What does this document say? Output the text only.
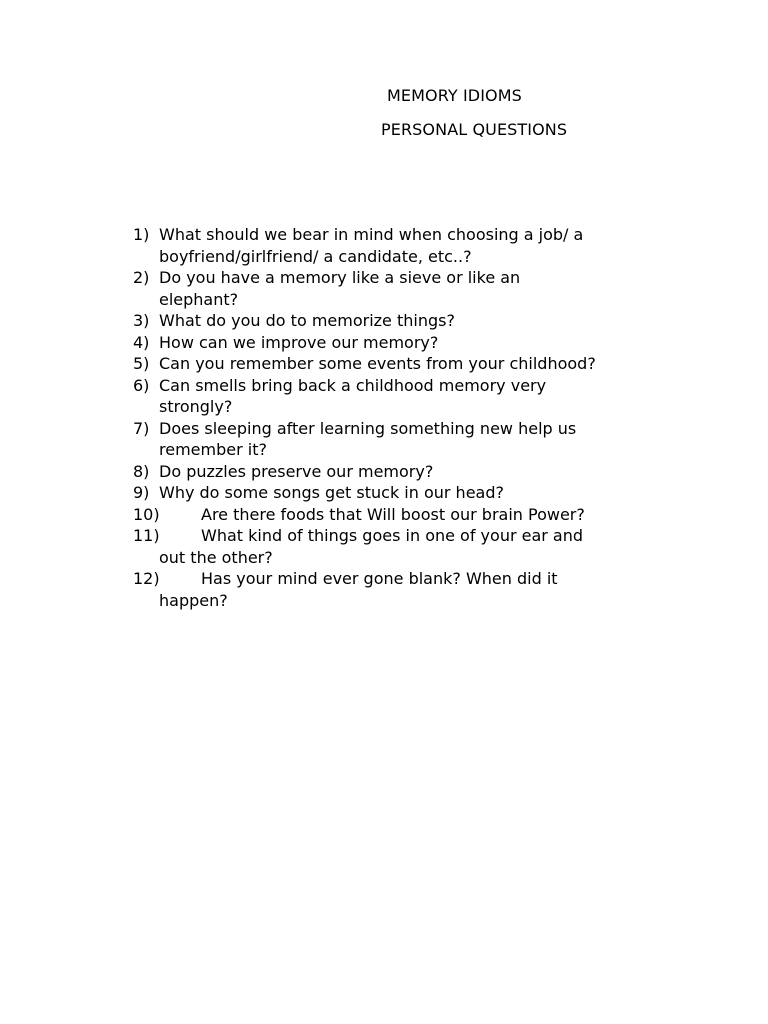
MEMORY IDIOMS
PERSONAL QUESTIONS
1) What should we bear in mind when choosing a job/ a
boyfriend/girlfriend/ a candidate, etc..?
2) Do you have a memory like a sieve or like an
elephant?
3) What do you do to memorize things?
4) How can we improve our memory?
5) Can you remember some events from your childhood?
6) Can smells bring back a childhood memory very
strongly?
7) Does sleeping after learning something new help us
remember it?
8) Do puzzles preserve our memory?
9) Why do some songs get stuck in our head?
10)	Are there foods that Will boost our brain Power?
11)	What kind of things goes in one of your ear and
out the other?
12)	Has your mind ever gone blank? When did it
happen?
